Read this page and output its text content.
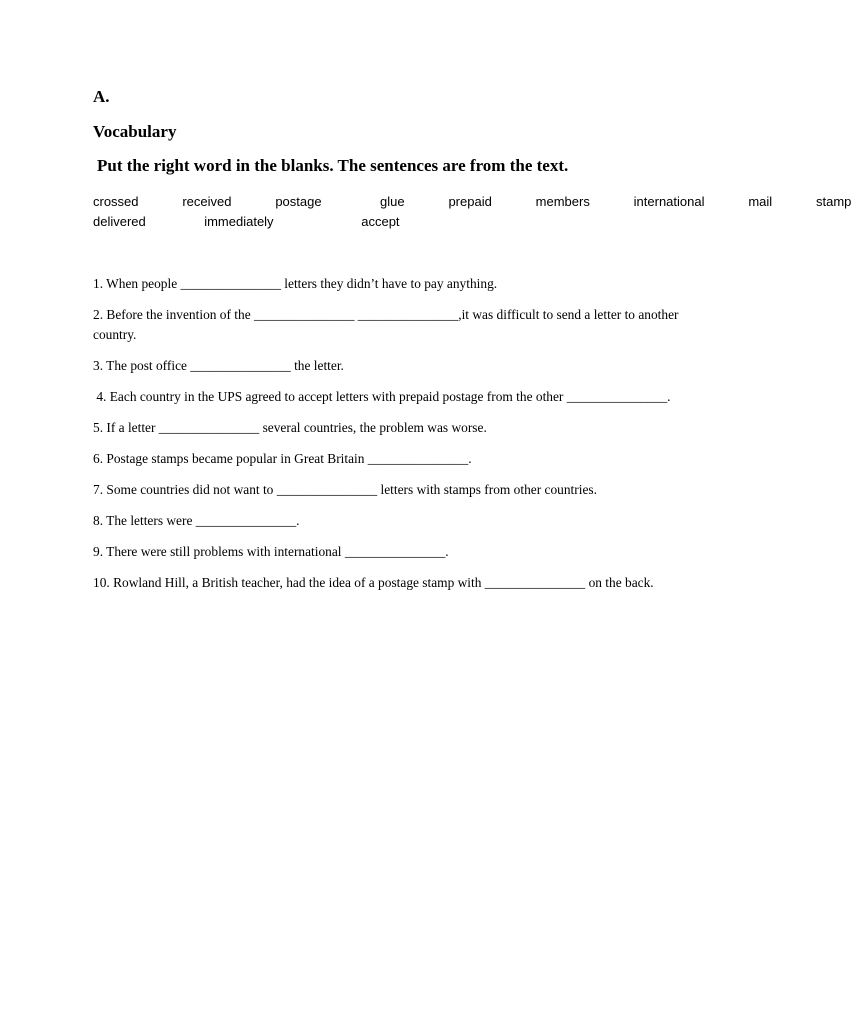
A.
Vocabulary
Put the right word in the blanks. The sentences are from the text.
crossed   received   postage    glue   prepaid   members   international   mail   stamp
delivered    immediately      accept
1. When people _______________ letters they didn’t have to pay anything.
2. Before the invention of the _______________ _______________,it was difficult to send a letter to another country.
3. The post office _______________ the letter.
4. Each country in the UPS agreed to accept letters with prepaid postage from the other _______________.
5. If a letter _______________ several countries, the problem was worse.
6. Postage stamps became popular in Great Britain _______________.
7. Some countries did not want to _______________ letters with stamps from other countries.
8. The letters were _______________.
9. There were still problems with international _______________.
10. Rowland Hill, a British teacher, had the idea of a postage stamp with _______________ on the back.
